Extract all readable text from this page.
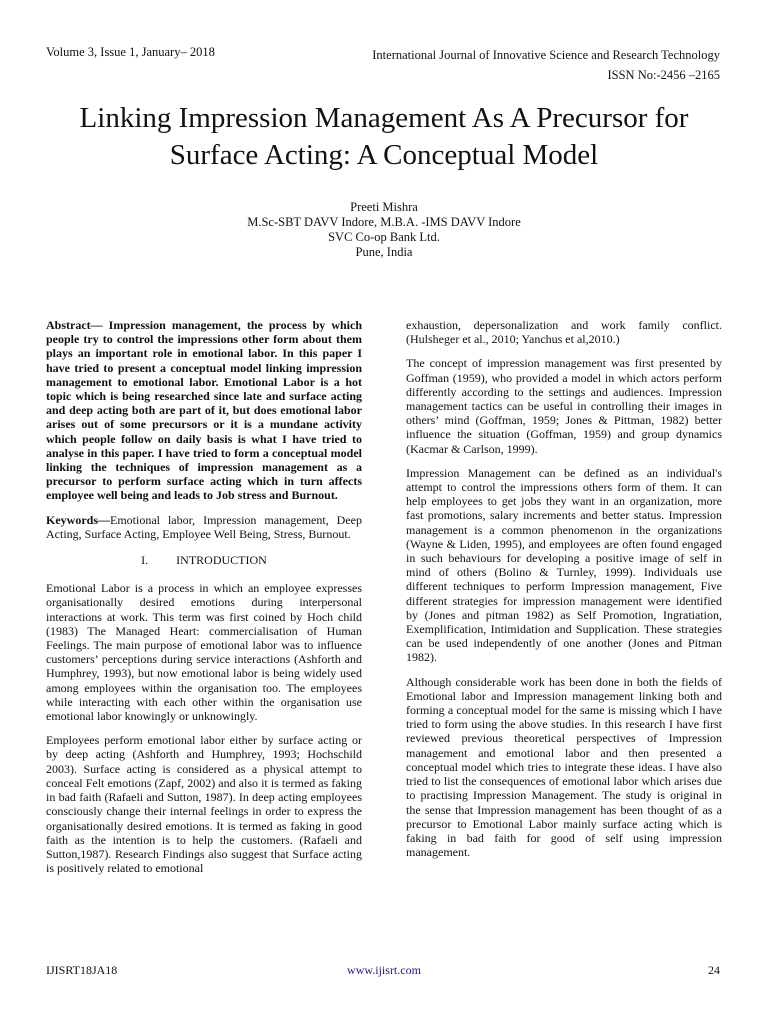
Volume 3, Issue 1, January– 2018	International Journal of Innovative Science and Research Technology
ISSN No:-2456 –2165
Linking Impression Management As A Precursor for Surface Acting: A Conceptual Model
Preeti Mishra
M.Sc-SBT DAVV Indore, M.B.A. -IMS DAVV Indore
SVC Co-op Bank Ltd.
Pune, India

Abstract— Impression management, the process by which people try to control the impressions other form about them plays an important role in emotional labor. In this paper I have tried to present a conceptual model linking impression management to emotional labor. Emotional Labor is a hot topic which is being researched since late and surface acting and deep acting both are part of it, but does emotional labor arises out of some precursors or it is a mundane activity which people follow on daily basis is what I have tried to analyse in this paper. I have tried to form a conceptual model linking the techniques of impression management as a precursor to perform surface acting which in turn affects employee well being and leads to Job stress and Burnout.

Keywords—Emotional labor, Impression management, Deep Acting, Surface Acting, Employee Well Being, Stress, Burnout.

I. INTRODUCTION

Emotional Labor is a process in which an employee expresses organisationally desired emotions during interpersonal interactions at work. This term was first coined by Hoch child (1983) The Managed Heart: commercialisation of Human Feelings. The main purpose of emotional labor was to influence customers’ perceptions during service interactions (Ashforth and Humphrey, 1993), but now emotional labor is being widely used among employees within the organisation too. The employees while interacting with each other within the organisation use emotional labor knowingly or unknowingly.

Employees perform emotional labor either by surface acting or by deep acting (Ashforth and Humphrey, 1993; Hochschild 2003). Surface acting is considered as a physical attempt to conceal Felt emotions (Zapf, 2002) and also it is termed as faking in bad faith (Rafaeli and Sutton, 1987). In deep acting employees consciously change their internal feelings in order to express the organisationally desired emotions. It is termed as faking in good faith as the intention is to help the customers. (Rafaeli and Sutton,1987). Research Findings also suggest that Surface acting is positively related to emotional

exhaustion, depersonalization and work family conflict. (Hulsheger et al., 2010; Yanchus et al,2010.)

The concept of impression management was first presented by Goffman (1959), who provided a model in which actors perform differently according to the settings and audiences. Impression management tactics can be useful in controlling their images in others’ mind (Goffman, 1959; Jones & Pittman, 1982) better influence the situation (Goffman, 1959) and group dynamics (Kacmar & Carlson, 1999).

Impression Management can be defined as an individual's attempt to control the impressions others form of them. It can help employees to get jobs they want in an organization, more fast promotions, salary increments and better status. Impression management is a common phenomenon in the organizations (Wayne & Liden, 1995), and employees are often found engaged in such behaviours for developing a positive image of self in mind of others (Bolino & Turnley, 1999). Individuals use different techniques to perform Impression management, Five different strategies for impression management were identified by (Jones and pitman 1982) as Self Promotion, Ingratiation, Exemplification, Intimidation and Supplication. These strategies can be used independently of one another (Jones and Pitman 1982).

Although considerable work has been done in both the fields of Emotional labor and Impression management linking both and forming a conceptual model for the same is missing which I have tried to form using the above studies. In this research I have first reviewed previous theoretical perspectives of Impression management and emotional labor and then presented a conceptual model which tries to integrate these ideas. I have also tried to list the consequences of emotional labor which arises due to practising Impression Management. The study is original in the sense that Impression management has been thought of as a precursor to Emotional Labor mainly surface acting which is faking in bad faith for good of self using impression management.

IJISRT18JA18	www.ijisrt.com	24
